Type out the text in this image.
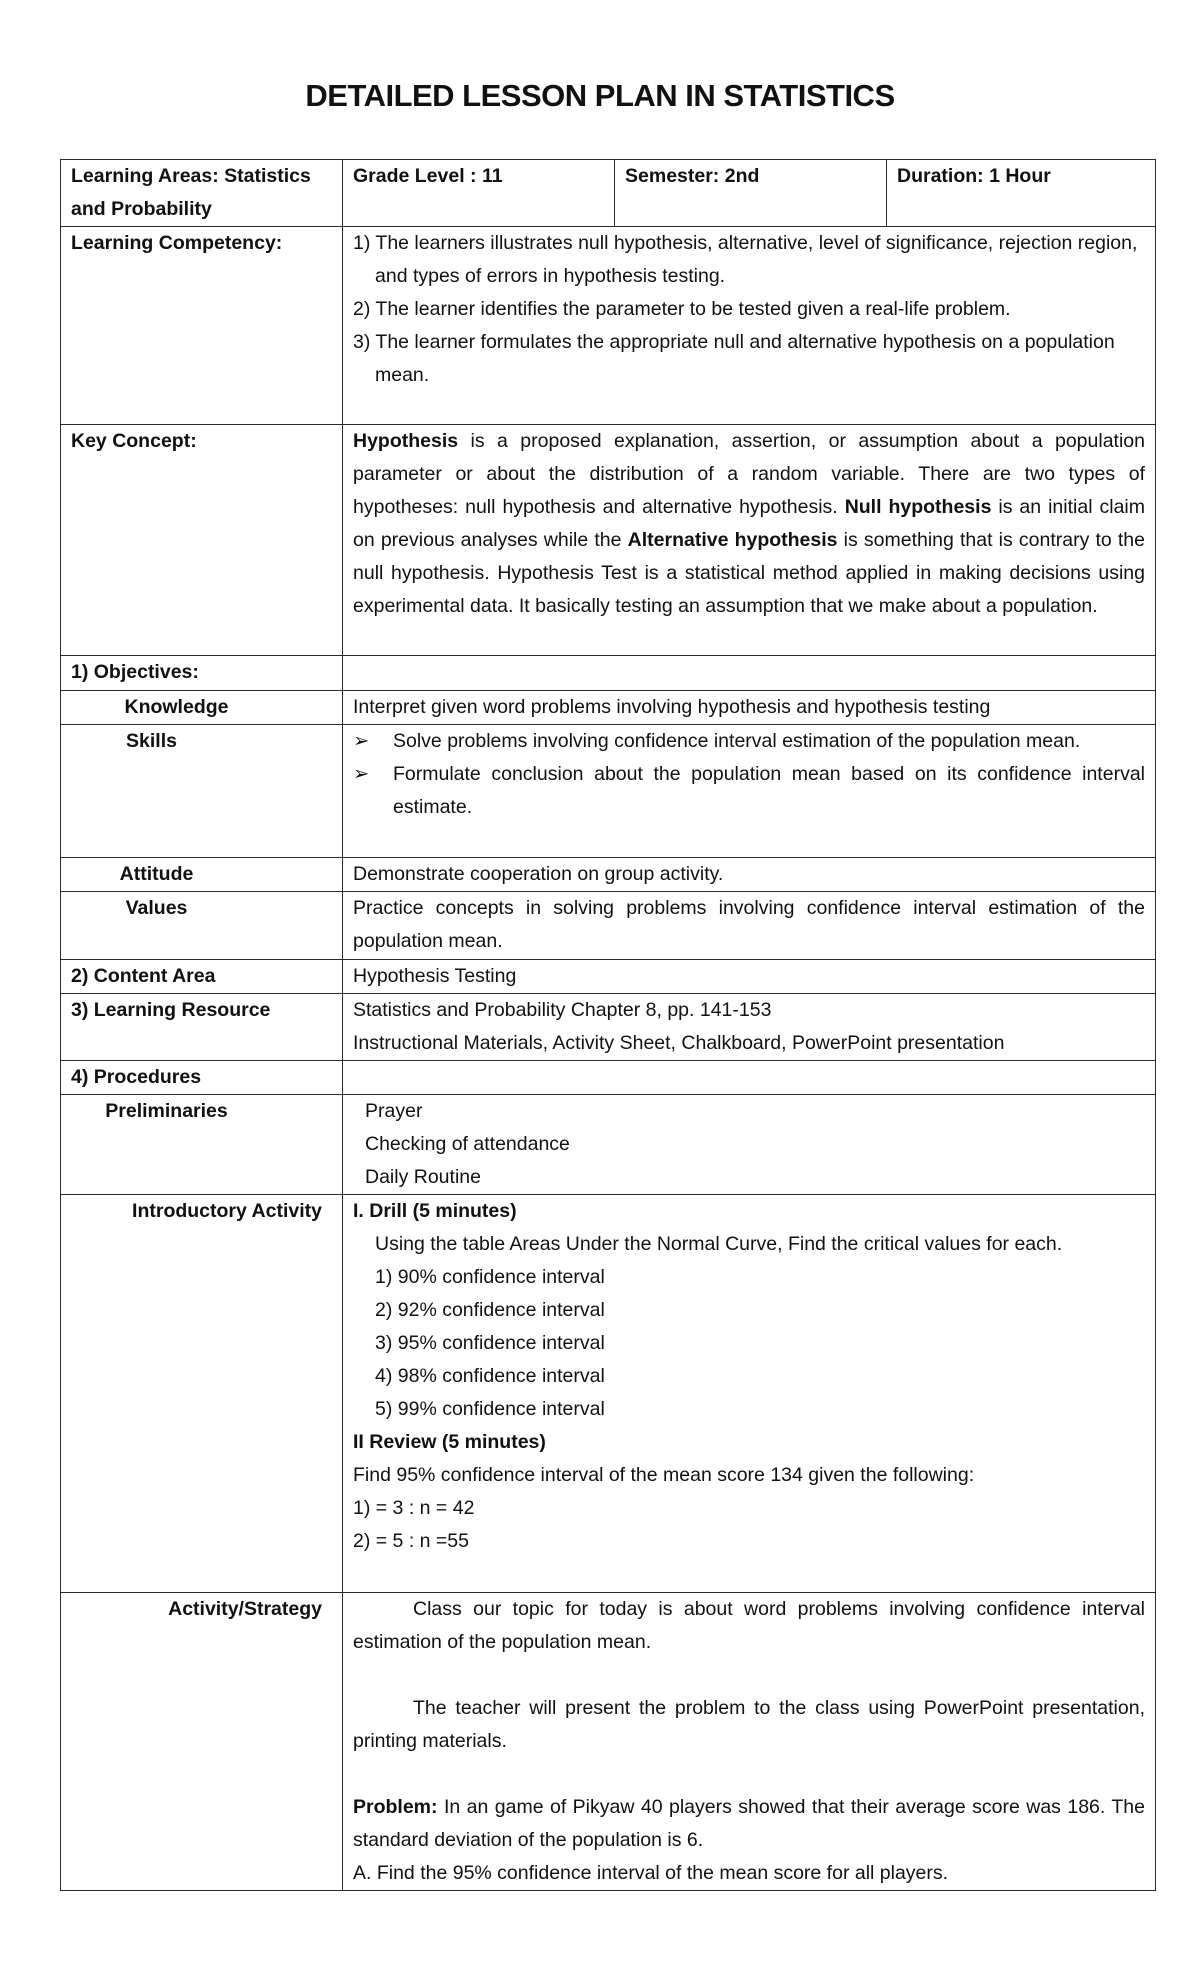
DETAILED LESSON PLAN IN STATISTICS
Learning Areas: Statistics and Probability	Grade Level : 11	Semester: 2nd	Duration: 1 Hour
Learning Competency:	1) The learners illustrates null hypothesis, alternative, level of significance, rejection region, and types of errors in hypothesis testing.

2) The learner identifies the parameter to be tested given a real-life problem.

3) The learner formulates the appropriate null and alternative hypothesis on a population mean.		

Key Concept:	Hypothesis is a proposed explanation, assertion, or assumption about a population parameter or about the distribution of a random variable. There are two types of hypotheses: null hypothesis and alternative hypothesis. Null hypothesis is an initial claim on previous analyses while the Alternative hypothesis is something that is contrary to the null hypothesis. Hypothesis Test is a statistical method applied in making decisions using experimental data. It basically testing an assumption that we make about a population.		
1) Objectives:			
Knowledge	Interpret given word problems involving hypothesis and hypothesis testing		
Skills	➢ Solve problems involving confidence interval estimation of the population mean.
➢ Formulate conclusion about the population mean based on its confidence interval estimate.		

Attitude	Demonstrate cooperation on group activity.		
Values	Practice concepts in solving problems involving confidence interval estimation of the population mean.		
2) Content Area	Hypothesis Testing		
3) Learning Resource	Statistics and Probability Chapter 8, pp. 141-153

Instructional Materials, Activity Sheet, Chalkboard, PowerPoint presentation		

4) Procedures			
Preliminaries	Prayer

Checking of attendance

Daily Routine		

Introductory Activity	I. Drill (5 minutes)

Using the table Areas Under the Normal Curve, Find the critical values for each.

1) 90% confidence interval

2) 92% confidence interval

3) 95% confidence interval

4) 98% confidence interval

5) 99% confidence interval

II Review (5 minutes)

Find 95% confidence interval of the mean score 134 given the following:

1) = 3 : n = 42

2) = 5 : n =55

Activity/Strategy	Class our topic for today is about word problems involving confidence interval estimation of the population mean.

The teacher will present the problem to the class using PowerPoint presentation, printing materials.

Problem: In an game of Pikyaw 40 players showed that their average score was 186. The standard deviation of the population is 6.

A. Find the 95% confidence interval of the mean score for all players.		
